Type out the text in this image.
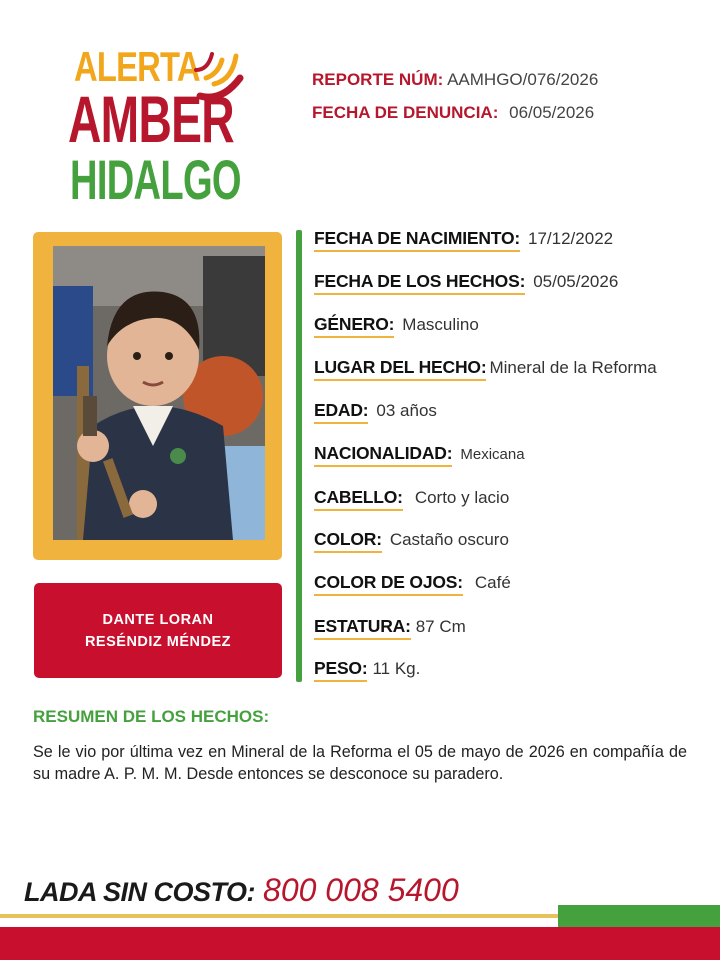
ALERTA
AMBER
HIDALGO
REPORTE NÚM: AAMHGO/076/2026
FECHA DE DENUNCIA: 06/05/2026
DANTE LORAN
RESÉNDIZ MÉNDEZ
FECHA DE NACIMIENTO: 17/12/2022
FECHA DE LOS HECHOS: 05/05/2026
GÉNERO: Masculino
LUGAR DEL HECHO: Mineral de la Reforma
EDAD: 03 años
NACIONALIDAD: Mexicana
CABELLO: Corto y lacio
COLOR: Castaño oscuro
COLOR DE OJOS: Café
ESTATURA: 87 Cm
PESO: 11 Kg.
RESUMEN DE LOS HECHOS:
Se le vio por última vez en Mineral de la Reforma el 05 de mayo de 2026 en compañía de su madre A. P. M. M. Desde entonces se desconoce su paradero.
LADA SIN COSTO: 800 008 5400
